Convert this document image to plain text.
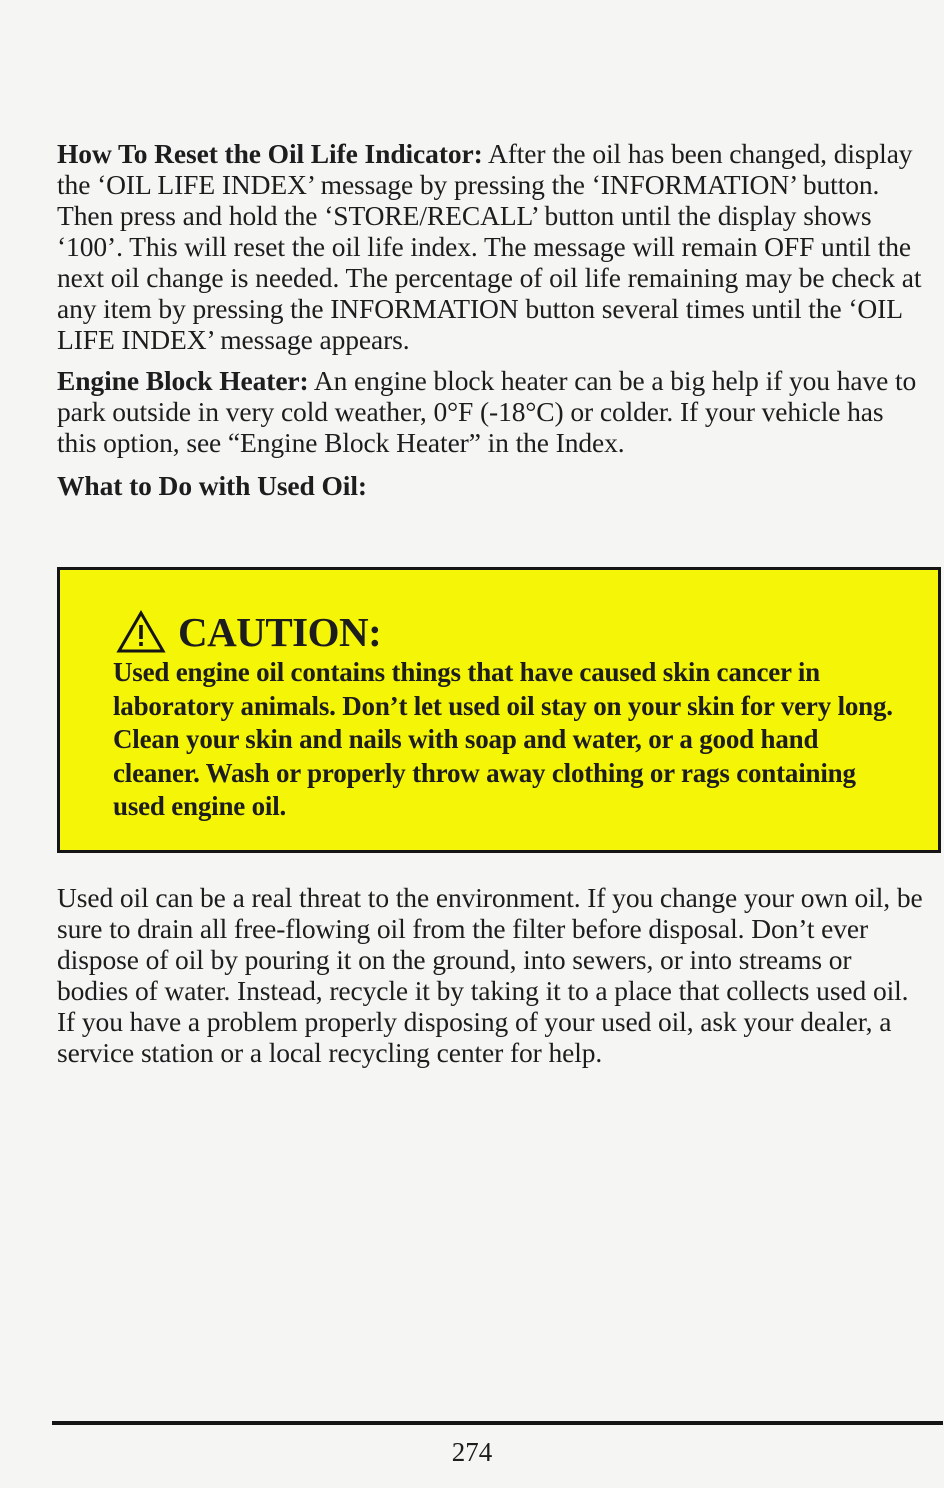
How To Reset the Oil Life Indicator: After the oil has been changed, display the ‘OIL LIFE INDEX’ message by pressing the ‘INFORMATION’ button. Then press and hold the ‘STORE/RECALL’ button until the display shows ‘100’. This will reset the oil life index. The message will remain OFF until the next oil change is needed. The percentage of oil life remaining may be check at any item by pressing the INFORMATION button several times until the ‘OIL LIFE INDEX’ message appears.

Engine Block Heater: An engine block heater can be a big help if you have to park outside in very cold weather, 0°F (-18°C) or colder. If your vehicle has this option, see “Engine Block Heater” in the Index.

What to Do with Used Oil:

CAUTION:
Used engine oil contains things that have caused skin cancer in laboratory animals. Don’t let used oil stay on your skin for very long. Clean your skin and nails with soap and water, or a good hand cleaner. Wash or properly throw away clothing or rags containing used engine oil.

Used oil can be a real threat to the environment. If you change your own oil, be sure to drain all free-flowing oil from the filter before disposal. Don’t ever dispose of oil by pouring it on the ground, into sewers, or into streams or bodies of water. Instead, recycle it by taking it to a place that collects used oil. If you have a problem properly disposing of your used oil, ask your dealer, a service station or a local recycling center for help.

274
